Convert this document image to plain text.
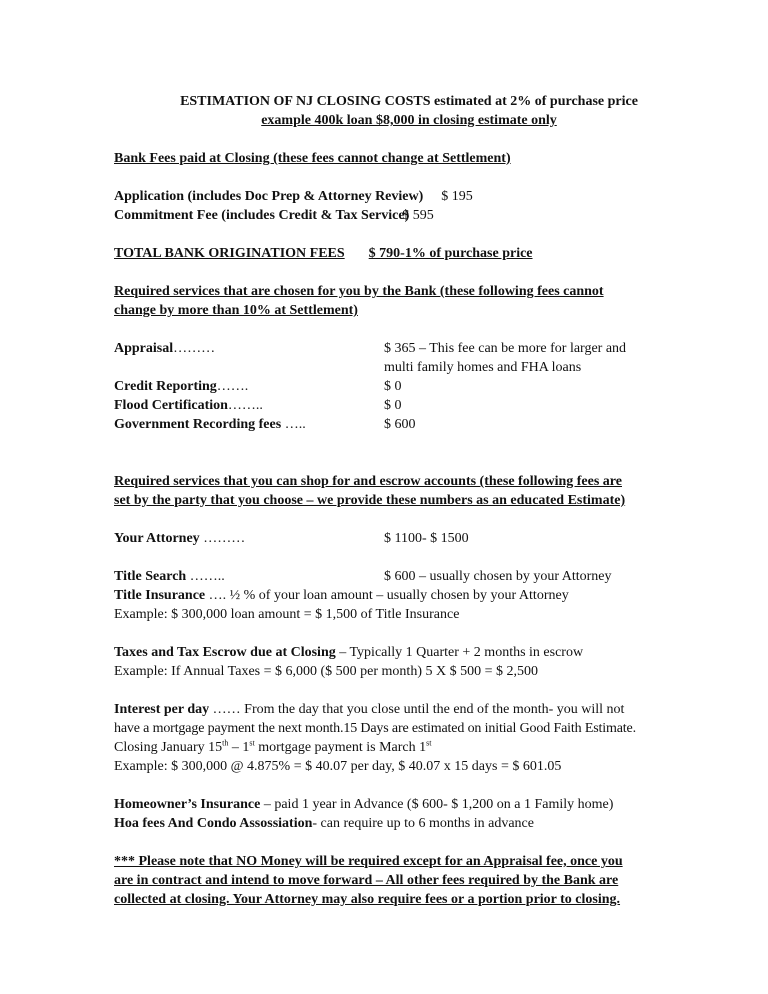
ESTIMATION OF NJ CLOSING COSTS estimated at 2% of purchase price

example 400k loan $8,000 in closing estimate only

Bank Fees paid at Closing (these fees cannot change at Settlement)

Application (includes Doc Prep & Attorney Review) $ 195

Commitment Fee (includes Credit & Tax Service)$ 595

TOTAL BANK ORIGINATION FEES $ 790-1% of purchase price

Required services that are chosen for you by the Bank (these following fees cannot

change by more than 10% at Settlement)

Appraisal………	$ 365 – This fee can be more for larger and
multi family homes and FHA loans
Credit Reporting…….	$ 0
Flood Certification……..	$ 0
Government Recording fees …..	$ 600

Required services that you can shop for and escrow accounts (these following fees are

set by the party that you choose – we provide these numbers as an educated Estimate)

Your Attorney ………	$ 1100- $ 1500
Title Search ……..	$ 600 – usually chosen by your Attorney

Title Insurance …. ½ % of your loan amount – usually chosen by your Attorney

Example: $ 300,000 loan amount = $ 1,500 of Title Insurance

Taxes and Tax Escrow due at Closing – Typically 1 Quarter + 2 months in escrow

Example: If Annual Taxes = $ 6,000 ($ 500 per month) 5 X $ 500 = $ 2,500

Interest per day …… From the day that you close until the end of the month- you will not

have a mortgage payment the next month.15 Days are estimated on initial Good Faith Estimate.

Closing January 15th – 1st mortgage payment is March 1st

Example: $ 300,000 @ 4.875% = $ 40.07 per day, $ 40.07 x 15 days = $ 601.05

Homeowner’s Insurance – paid 1 year in Advance ($ 600- $ 1,200 on a 1 Family home)

Hoa fees And Condo Assossiation- can require up to 6 months in advance

*** Please note that NO Money will be required except for an Appraisal fee, once you

are in contract and intend to move forward – All other fees required by the Bank are

collected at closing. Your Attorney may also require fees or a portion prior to closing.
